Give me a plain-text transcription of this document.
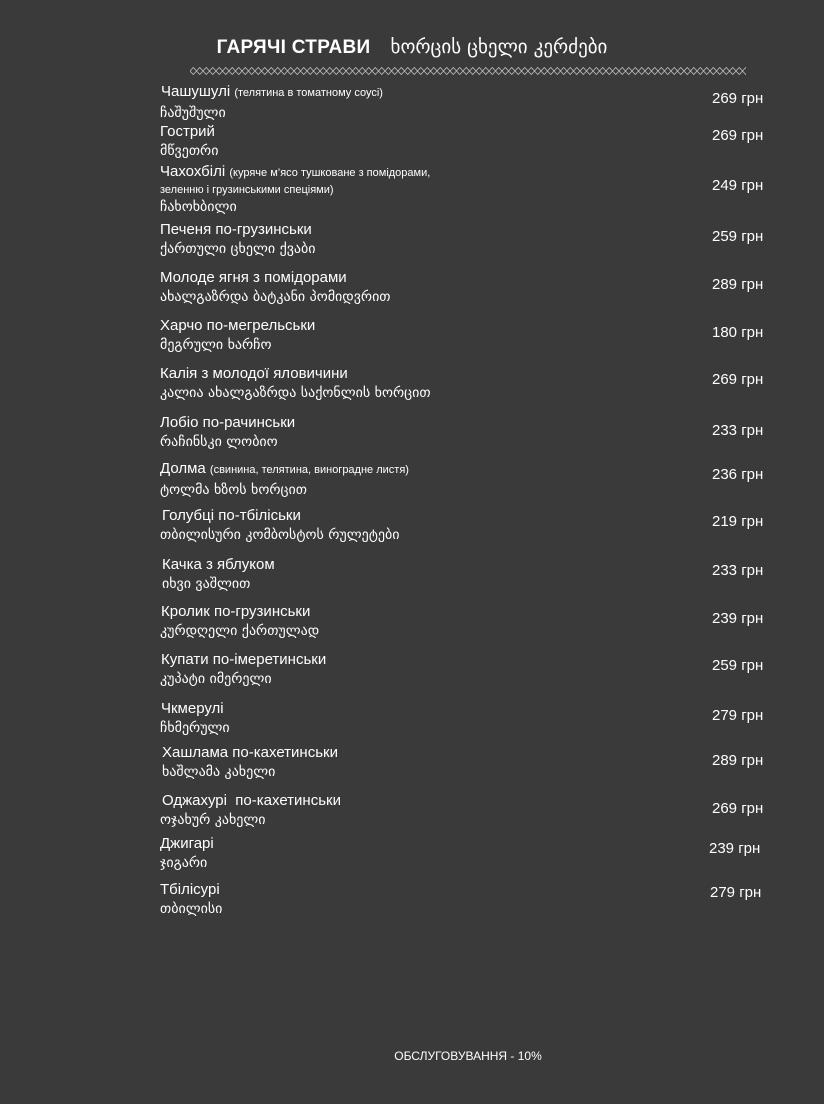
ГАРЯЧІ СТРАВИ ხორცის ცხელი კერძები
Чашушулі (телятина в томатному соусі)
ჩაშუშული
269 грн
Гострий
მწვეთრი
269 грн
Чахохбілі (куряче м’ясо тушковане з помідорами,
зеленню і грузинськими спеціями)
ჩახოხბილი
249 грн
Печеня по-грузинськи
ქართული ცხელი ქვაბი
259 грн
Молоде ягня з помідорами
ახალგაზრდა ბატკანი პომიდვრით
289 грн
Харчо по-мегрельськи
მეგრული ხარჩო
180 грн
Калія з молодої яловичини
კალია ახალგაზრდა საქონლის ხორცით
269 грн
Лобіо по-рачинськи
რაჩინსკი ლობიო
233 грн
Долма (свинина, телятина, виноградне листя)
ტოლმა ხზოს ხორცით
236 грн
Голубці по-тбіліськи
თბილისური კომბოსტოს რულეტები
219 грн
Качка з яблуком
იხვი ვაშლით
233 грн
Кролик по-грузинськи
კურდღელი ქართულად
239 грн
Купати по-імеретинськи
კუპატი იმერელი
259 грн
Чкмерулі
ჩხმერული
279 грн
Хашлама по-кахетинськи
ხაშლამა კახელი
289 грн
Оджахурі  по-кахетинськи
ოჯახურ კახელი
269 грн
Джигарі
ჯიგარი
239 грн
Тбілісурі
თბილისი
279 грн
ОБСЛУГОВУВАННЯ - 10%
